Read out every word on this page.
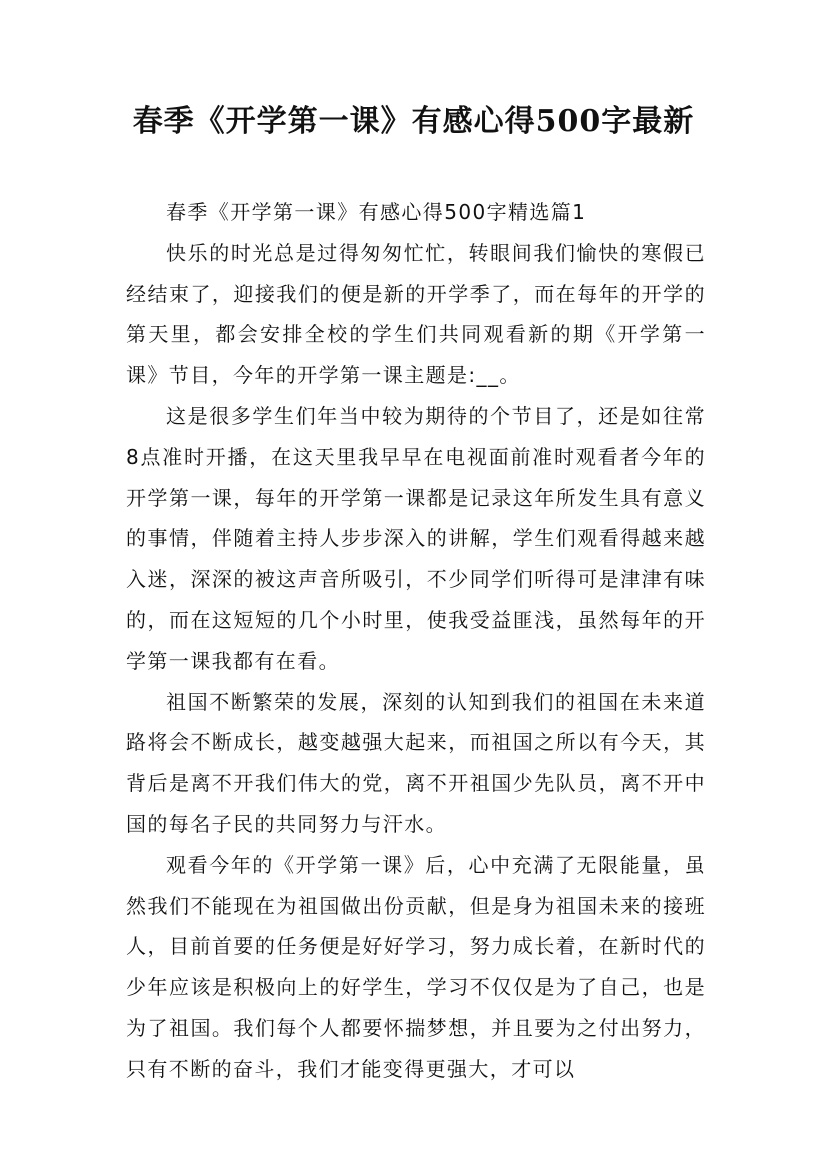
春季《开学第一课》有感心得500字最新

春季《开学第一课》有感心得500字精选篇1

快乐的时光总是过得匆匆忙忙，转眼间我们愉快的寒假已经结束了，迎接我们的便是新的开学季了，而在每年的开学的第天里，都会安排全校的学生们共同观看新的期《开学第一课》节目，今年的开学第一课主题是:__。

这是很多学生们年当中较为期待的个节目了，还是如往常8点准时开播，在这天里我早早在电视面前准时观看者今年的开学第一课，每年的开学第一课都是记录这年所发生具有意义的事情，伴随着主持人步步深入的讲解，学生们观看得越来越入迷，深深的被这声音所吸引，不少同学们听得可是津津有味的，而在这短短的几个小时里，使我受益匪浅，虽然每年的开学第一课我都有在看。

祖国不断繁荣的发展，深刻的认知到我们的祖国在未来道路将会不断成长，越变越强大起来，而祖国之所以有今天，其背后是离不开我们伟大的党，离不开祖国少先队员，离不开中国的每名子民的共同努力与汗水。

观看今年的《开学第一课》后，心中充满了无限能量，虽然我们不能现在为祖国做出份贡献，但是身为祖国未来的接班人，目前首要的任务便是好好学习，努力成长着，在新时代的少年应该是积极向上的好学生，学习不仅仅是为了自己，也是为了祖国。我们每个人都要怀揣梦想，并且要为之付出努力，只有不断的奋斗，我们才能变得更强大，才可以
